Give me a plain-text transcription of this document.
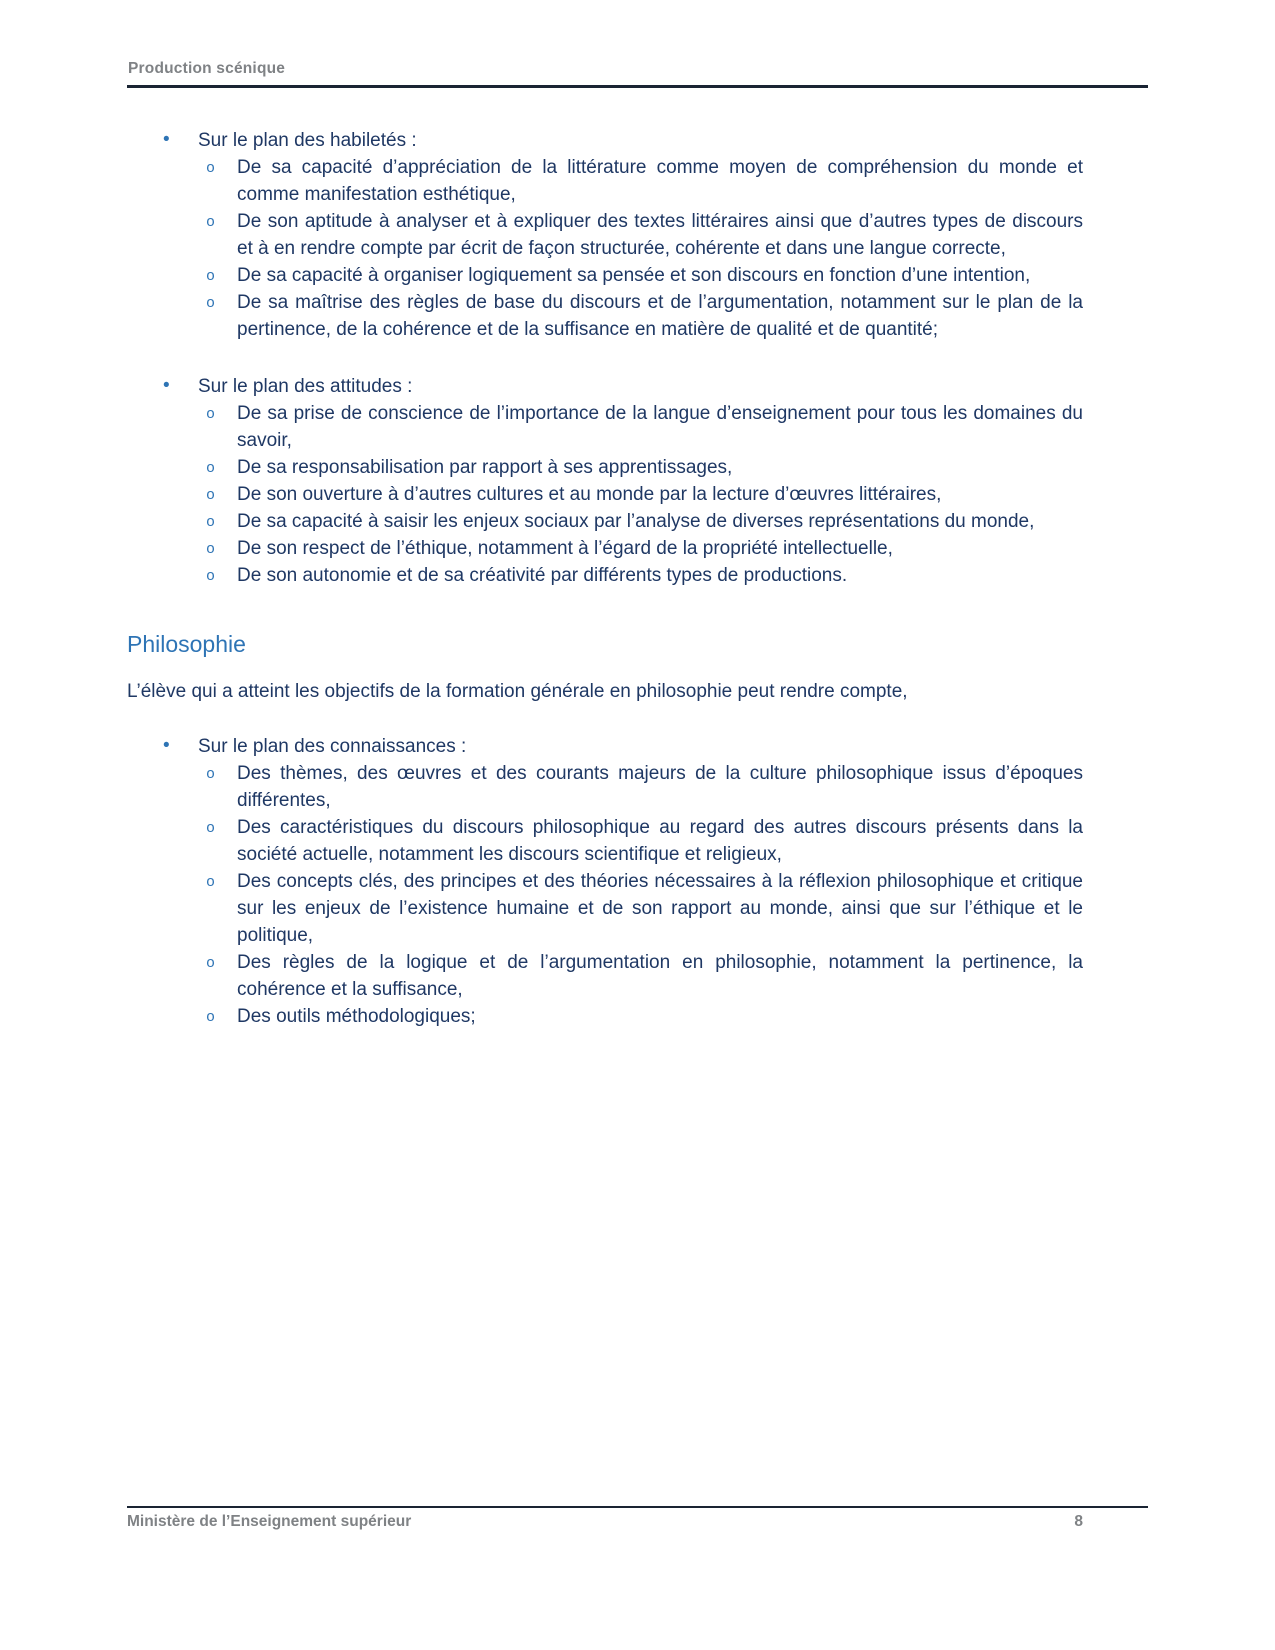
Production scénique
• Sur le plan des habiletés :
o De sa capacité d’appréciation de la littérature comme moyen de compréhension du monde et comme manifestation esthétique,
o De son aptitude à analyser et à expliquer des textes littéraires ainsi que d’autres types de discours et à en rendre compte par écrit de façon structurée, cohérente et dans une langue correcte,
o De sa capacité à organiser logiquement sa pensée et son discours en fonction d’une intention,
o De sa maîtrise des règles de base du discours et de l’argumentation, notamment sur le plan de la pertinence, de la cohérence et de la suffisance en matière de qualité et de quantité;
• Sur le plan des attitudes :
o De sa prise de conscience de l’importance de la langue d’enseignement pour tous les domaines du savoir,
o De sa responsabilisation par rapport à ses apprentissages,
o De son ouverture à d’autres cultures et au monde par la lecture d’œuvres littéraires,
o De sa capacité à saisir les enjeux sociaux par l’analyse de diverses représentations du monde,
o De son respect de l’éthique, notamment à l’égard de la propriété intellectuelle,
o De son autonomie et de sa créativité par différents types de productions.
Philosophie

L’élève qui a atteint les objectifs de la formation générale en philosophie peut rendre compte,

• Sur le plan des connaissances :
o Des thèmes, des œuvres et des courants majeurs de la culture philosophique issus d’époques différentes,
o Des caractéristiques du discours philosophique au regard des autres discours présents dans la société actuelle, notamment les discours scientifique et religieux,
o Des concepts clés, des principes et des théories nécessaires à la réflexion philosophique et critique sur les enjeux de l’existence humaine et de son rapport au monde, ainsi que sur l’éthique et le politique,
o Des règles de la logique et de l’argumentation en philosophie, notamment la pertinence, la cohérence et la suffisance,
o Des outils méthodologiques;
Ministère de l’Enseignement supérieur	8
